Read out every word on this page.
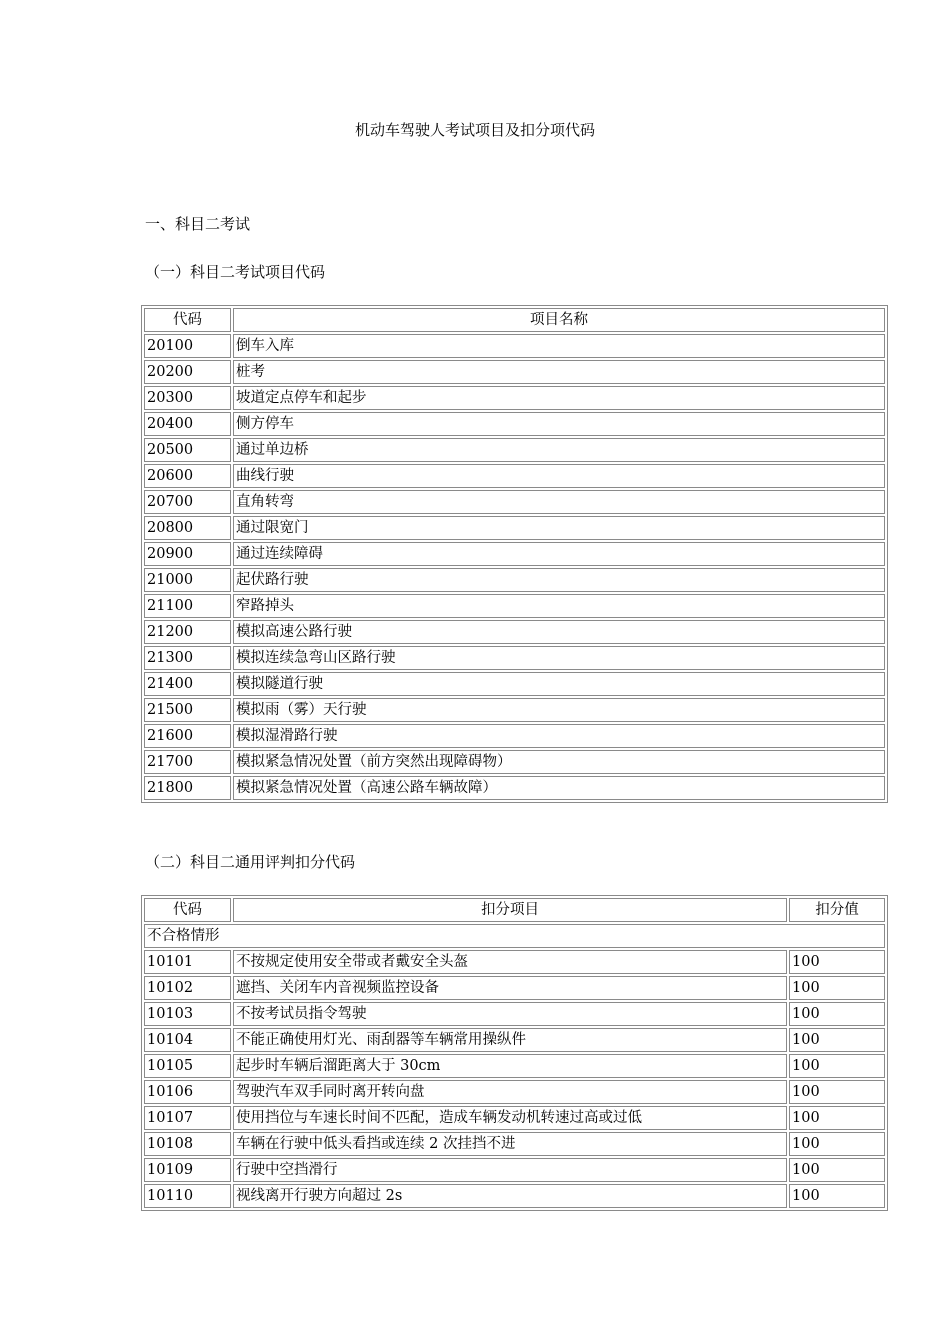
机动车驾驶人考试项目及扣分项代码
一、科目二考试
（一）科目二考试项目代码
代码	项目名称
20100	倒车入库
20200	桩考
20300	坡道定点停车和起步
20400	侧方停车
20500	通过单边桥
20600	曲线行驶
20700	直角转弯
20800	通过限宽门
20900	通过连续障碍
21000	起伏路行驶
21100	窄路掉头
21200	模拟高速公路行驶
21300	模拟连续急弯山区路行驶
21400	模拟隧道行驶
21500	模拟雨（雾）天行驶
21600	模拟湿滑路行驶
21700	模拟紧急情况处置（前方突然出现障碍物）
21800	模拟紧急情况处置（高速公路车辆故障）
（二）科目二通用评判扣分代码
代码	扣分项目	扣分值
不合格情形		
10101	不按规定使用安全带或者戴安全头盔	100
10102	遮挡、关闭车内音视频监控设备	100
10103	不按考试员指令驾驶	100
10104	不能正确使用灯光、雨刮器等车辆常用操纵件	100
10105	起步时车辆后溜距离大于 30cm	100
10106	驾驶汽车双手同时离开转向盘	100
10107	使用挡位与车速长时间不匹配，造成车辆发动机转速过高或过低	100
10108	车辆在行驶中低头看挡或连续 2 次挂挡不进	100
10109	行驶中空挡滑行	100
10110	视线离开行驶方向超过 2s	100
